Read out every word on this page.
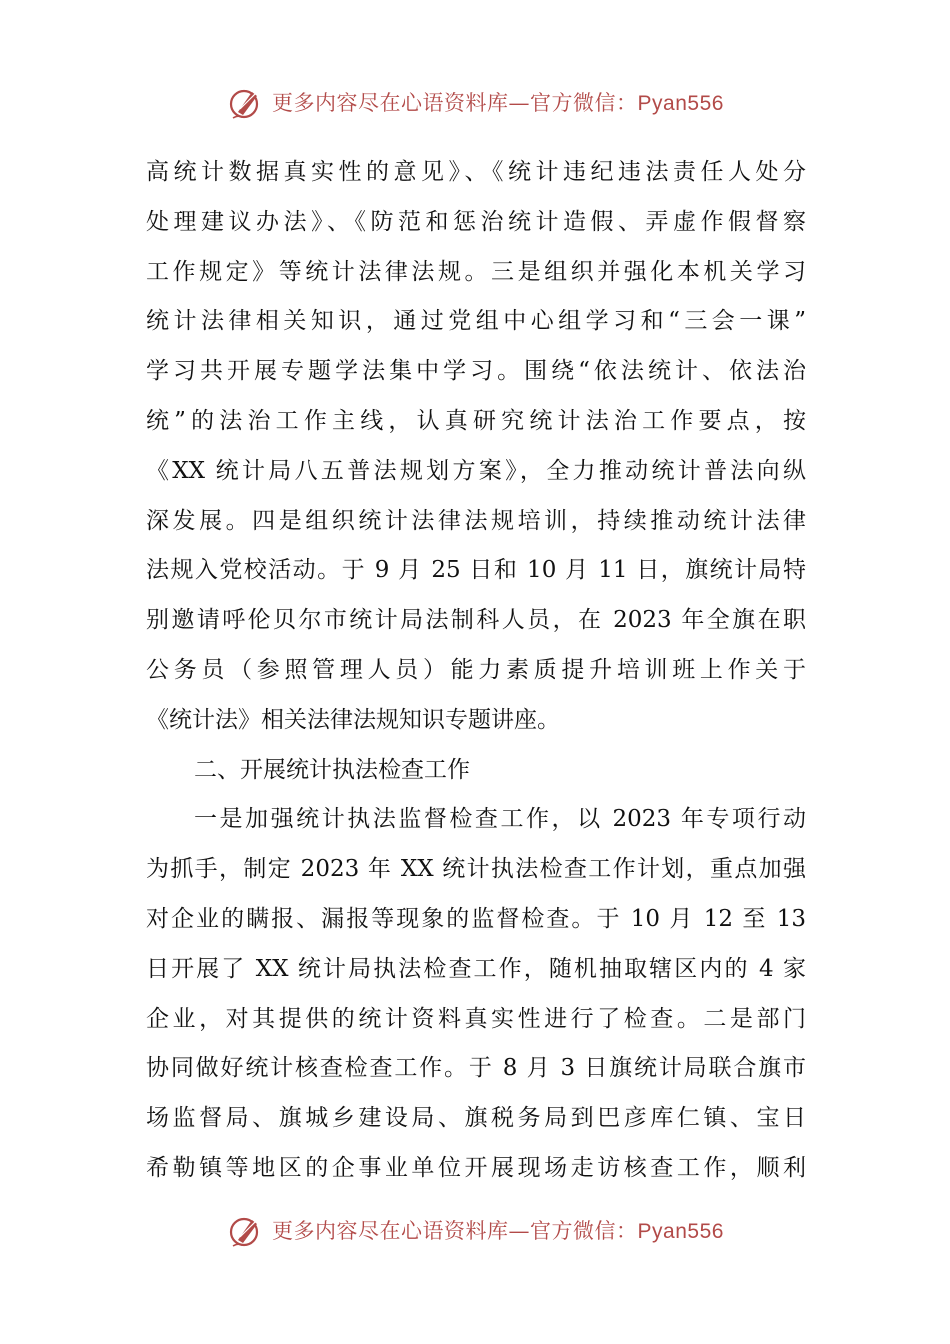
更多内容尽在心语资料库—官方微信：Pyan556
高统计数据真实性的意见》、《统计违纪违法责任人处分
处理建议办法》、《防范和惩治统计造假、弄虚作假督察
工作规定》等统计法律法规。三是组织并强化本机关学习
统计法律相关知识，通过党组中心组学习和“三会一课”
学习共开展专题学法集中学习。围绕“依法统计、依法治
统”的法治工作主线，认真研究统计法治工作要点，按
《XX 统计局八五普法规划方案》，全力推动统计普法向纵
深发展。四是组织统计法律法规培训，持续推动统计法律
法规入党校活动。于 9 月 25 日和 10 月 11 日，旗统计局特
别邀请呼伦贝尔市统计局法制科人员，在 2023 年全旗在职
公务员（参照管理人员）能力素质提升培训班上作关于
《统计法》相关法律法规知识专题讲座。
二、开展统计执法检查工作
一是加强统计执法监督检查工作，以 2023 年专项行动
为抓手，制定 2023 年 XX 统计执法检查工作计划，重点加强
对企业的瞒报、漏报等现象的监督检查。于 10 月 12 至 13
日开展了 XX 统计局执法检查工作，随机抽取辖区内的 4 家
企业，对其提供的统计资料真实性进行了检查。二是部门
协同做好统计核查检查工作。于 8 月 3 日旗统计局联合旗市
场监督局、旗城乡建设局、旗税务局到巴彦库仁镇、宝日
希勒镇等地区的企事业单位开展现场走访核查工作，顺利
更多内容尽在心语资料库—官方微信：Pyan556
